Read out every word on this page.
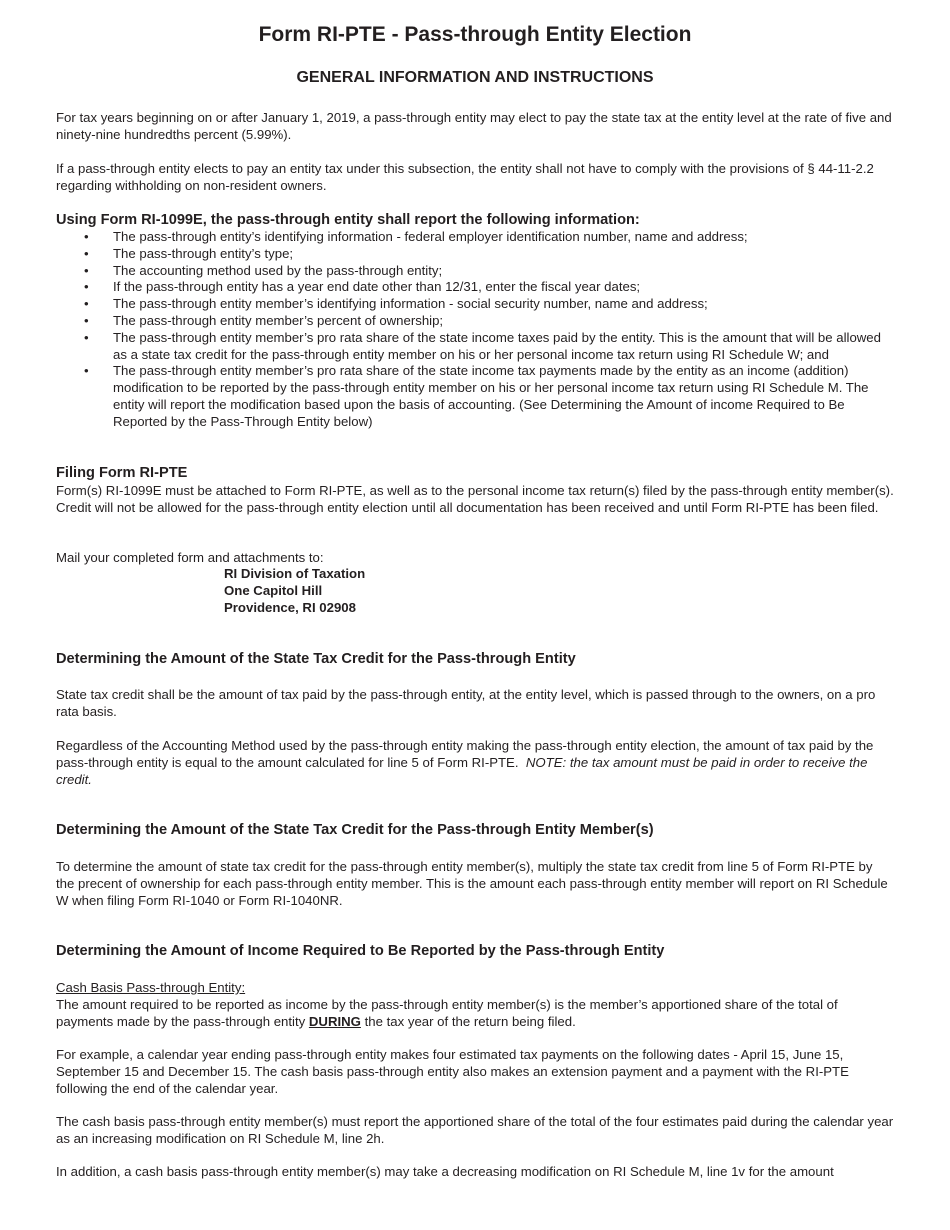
Form RI-PTE - Pass-through Entity Election
GENERAL INFORMATION AND INSTRUCTIONS

For tax years beginning on or after January 1, 2019, a pass-through entity may elect to pay the state tax at the entity level at the rate of five and ninety-nine hundredths percent (5.99%).

If a pass-through entity elects to pay an entity tax under this subsection, the entity shall not have to comply with the provisions of § 44-11-2.2 regarding withholding on non-resident owners.

Using Form RI-1099E, the pass-through entity shall report the following information:
• The pass-through entity’s identifying information - federal employer identification number, name and address;
• The pass-through entity’s type;
• The accounting method used by the pass-through entity;
• If the pass-through entity has a year end date other than 12/31, enter the fiscal year dates;
• The pass-through entity member’s identifying information - social security number, name and address;
• The pass-through entity member’s percent of ownership;
• The pass-through entity member’s pro rata share of the state income taxes paid by the entity. This is the amount that will be allowed as a state tax credit for the pass-through entity member on his or her personal income tax return using RI Schedule W; and
• The pass-through entity member’s pro rata share of the state income tax payments made by the entity as an income (addition) modification to be reported by the pass-through entity member on his or her personal income tax return using RI Schedule M. The entity will report the modification based upon the basis of accounting. (See Determining the Amount of income Required to Be Reported by the Pass-Through Entity below)
Filing Form RI-PTE

Form(s) RI-1099E must be attached to Form RI-PTE, as well as to the personal income tax return(s) filed by the pass-through entity member(s). Credit will not be allowed for the pass-through entity election until all documentation has been received and until Form RI-PTE has been filed.

Mail your completed form and attachments to:

RI Division of Taxation
One Capitol Hill
Providence, RI 02908
Determining the Amount of the State Tax Credit for the Pass-through Entity

State tax credit shall be the amount of tax paid by the pass-through entity, at the entity level, which is passed through to the owners, on a pro rata basis.

Regardless of the Accounting Method used by the pass-through entity making the pass-through entity election, the amount of tax paid by the pass-through entity is equal to the amount calculated for line 5 of Form RI-PTE.  NOTE: the tax amount must be paid in order to receive the credit.

Determining the Amount of the State Tax Credit for the Pass-through Entity Member(s)

To determine the amount of state tax credit for the pass-through entity member(s), multiply the state tax credit from line 5 of Form RI-PTE by the precent of ownership for each pass-through entity member. This is the amount each pass-through entity member will report on RI Schedule W when filing Form RI-1040 or Form RI-1040NR.

Determining the Amount of Income Required to Be Reported by the Pass-through Entity

Cash Basis Pass-through Entity:

The amount required to be reported as income by the pass-through entity member(s) is the member’s apportioned share of the total of payments made by the pass-through entity DURING the tax year of the return being filed.

For example, a calendar year ending pass-through entity makes four estimated tax payments on the following dates - April 15, June 15, September 15 and December 15. The cash basis pass-through entity also makes an extension payment and a payment with the RI-PTE following the end of the calendar year.

The cash basis pass-through entity member(s) must report the apportioned share of the total of the four estimates paid during the calendar year as an increasing modification on RI Schedule M, line 2h.

In addition, a cash basis pass-through entity member(s) may take a decreasing modification on RI Schedule M, line 1v for the amount
